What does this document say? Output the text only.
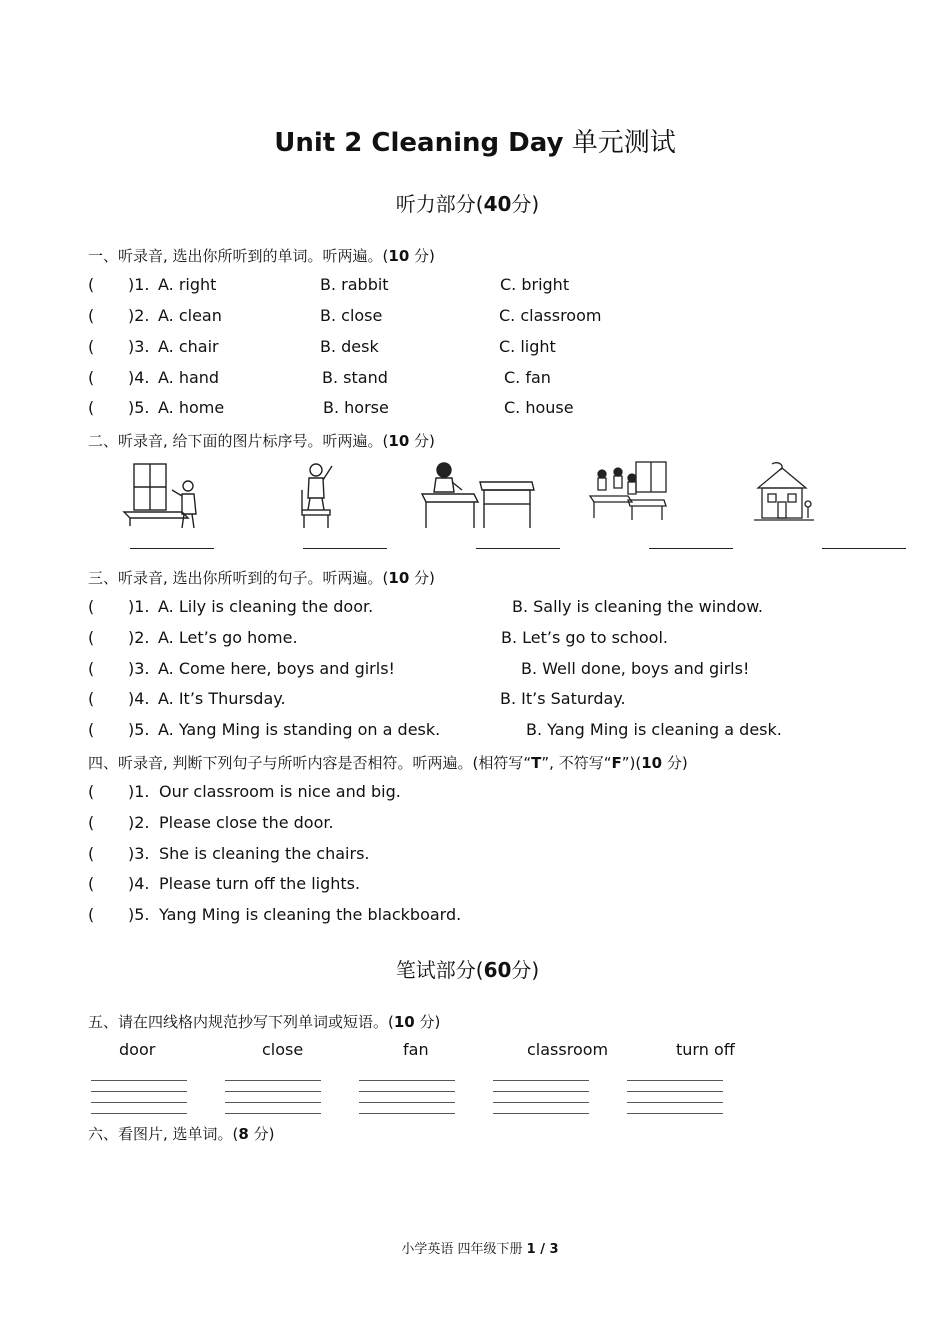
Unit 2 Cleaning Day 单元测试
听力部分(40分)
一、听录音, 选出你所听到的单词。听两遍。(10 分)
( )1. A. right	B. rabbit	C. bright
( )2. A. clean	B. close	C. classroom
( )3. A. chair	B. desk	C. light
( )4. A. hand	B. stand	C. fan
( )5. A. home	B. horse	C. house
二、听录音, 给下面的图片标序号。听两遍。(10 分)
三、听录音, 选出你所听到的句子。听两遍。(10 分)
( )1. A. Lily is cleaning the door.	B. Sally is cleaning the window.
( )2. A. Let’s go home.	B. Let’s go to school.
( )3. A. Come here, boys and girls!	B. Well done, boys and girls!
( )4. A. It’s Thursday.	B. It’s Saturday.
( )5. A. Yang Ming is standing on a desk.	B. Yang Ming is cleaning a desk.
四、听录音, 判断下列句子与所听内容是否相符。听两遍。(相符写“T”, 不符写“F”)(10 分)
( )1. Our classroom is nice and big.
( )2. Please close the door.
( )3. She is cleaning the chairs.
( )4. Please turn off the lights.
( )5. Yang Ming is cleaning the blackboard.
笔试部分(60分)
五、请在四线格内规范抄写下列单词或短语。(10 分)
door	close	fan	classroom	turn off
六、看图片, 选单词。(8 分)
小学英语 四年级下册 1 / 3
